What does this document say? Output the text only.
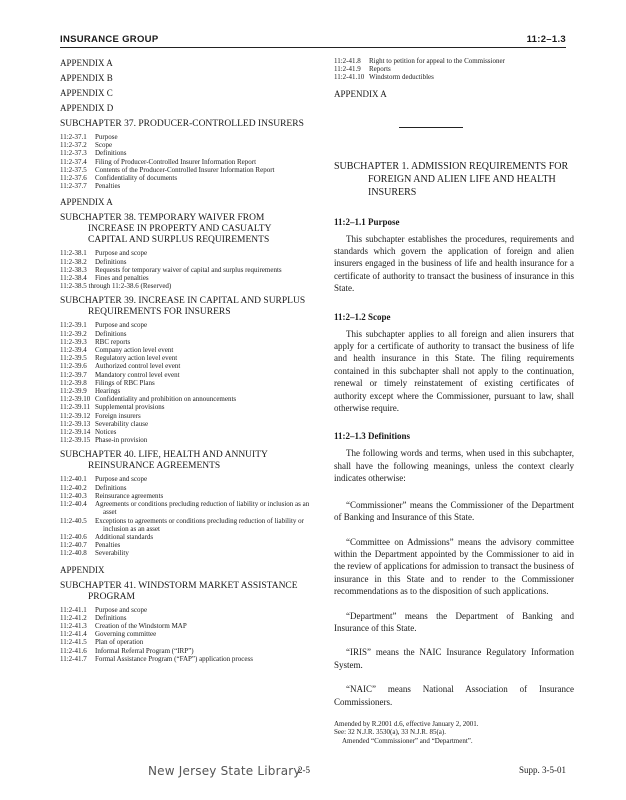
INSURANCE GROUP	11:2–1.3
APPENDIX A
APPENDIX B
APPENDIX C
APPENDIX D
SUBCHAPTER 37. PRODUCER-CONTROLLED INSURERS
11:2-37.1	Purpose
11:2-37.2	Scope
11:2-37.3	Definitions
11:2-37.4	Filing of Producer-Controlled Insurer Information Report
11:2-37.5	Contents of the Producer-Controlled Insurer Information Report
11:2-37.6	Confidentiality of documents
11:2-37.7	Penalties
APPENDIX A
SUBCHAPTER 38. TEMPORARY WAIVER FROM INCREASE IN PROPERTY AND CASUALTY CAPITAL AND SURPLUS REQUIREMENTS
11:2-38.1	Purpose and scope
11:2-38.2	Definitions
11:2-38.3	Requests for temporary waiver of capital and surplus requirements
11:2-38.4	Fines and penalties
11:2-38.5 through 11:2-38.6 (Reserved)
SUBCHAPTER 39. INCREASE IN CAPITAL AND SURPLUS REQUIREMENTS FOR INSURERS
11:2-39.1	Purpose and scope
11:2-39.2	Definitions
11:2-39.3	RBC reports
11:2-39.4	Company action level event
11:2-39.5	Regulatory action level event
11:2-39.6	Authorized control level event
11:2-39.7	Mandatory control level event
11:2-39.8	Filings of RBC Plans
11:2-39.9	Hearings
11:2-39.10 Confidentiality and prohibition on announcements
11:2-39.11 Supplemental provisions
11:2-39.12 Foreign insurers
11:2-39.13 Severability clause
11:2-39.14 Notices
11:2-39.15 Phase-in provision
SUBCHAPTER 40. LIFE, HEALTH AND ANNUITY REINSURANCE AGREEMENTS
11:2-40.1	Purpose and scope
11:2-40.2	Definitions
11:2-40.3	Reinsurance agreements
11:2-40.4	Agreements or conditions precluding reduction of liability or inclusion as an asset
11:2-40.5	Exceptions to agreements or conditions precluding reduction of liability or inclusion as an asset
11:2-40.6	Additional standards
11:2-40.7	Penalties
11:2-40.8	Severability
APPENDIX
SUBCHAPTER 41. WINDSTORM MARKET ASSISTANCE PROGRAM
11:2-41.1	Purpose and scope
11:2-41.2	Definitions
11:2-41.3	Creation of the Windstorm MAP
11:2-41.4	Governing committee
11:2-41.5	Plan of operation
11:2-41.6	Informal Referral Program (“IRP”)
11:2-41.7	Formal Assistance Program (“FAP”) application process
11:2-41.8	Right to petition for appeal to the Commissioner
11:2-41.9	Reports
11:2-41.10 Windstorm deductibles
APPENDIX A
SUBCHAPTER 1. ADMISSION REQUIREMENTS FOR FOREIGN AND ALIEN LIFE AND HEALTH INSURERS
11:2–1.1 Purpose
This subchapter establishes the procedures, requirements and standards which govern the application of foreign and alien insurers engaged in the business of life and health insurance for a certificate of authority to transact the business of insurance in this State.
11:2–1.2 Scope
This subchapter applies to all foreign and alien insurers that apply for a certificate of authority to transact the business of life and health insurance in this State. The filing requirements contained in this subchapter shall not apply to the continuation, renewal or timely reinstatement of existing certificates of authority except where the Commissioner, pursuant to law, shall otherwise require.
11:2–1.3 Definitions
The following words and terms, when used in this subchapter, shall have the following meanings, unless the context clearly indicates otherwise:
“Commissioner” means the Commissioner of the Department of Banking and Insurance of this State.
“Committee on Admissions” means the advisory committee within the Department appointed by the Commissioner to aid in the review of applications for admission to transact the business of insurance in this State and to render to the Commissioner recommendations as to the disposition of such applications.
“Department” means the Department of Banking and Insurance of this State.
“IRIS” means the NAIC Insurance Regulatory Information System.
“NAIC” means National Association of Insurance Commissioners.
Amended by R.2001 d.6, effective January 2, 2001.
See: 32 N.J.R. 3530(a), 33 N.J.R. 85(a).
Amended “Commissioner” and “Department”.
New Jersey State Library
2-5	Supp. 3-5-01
